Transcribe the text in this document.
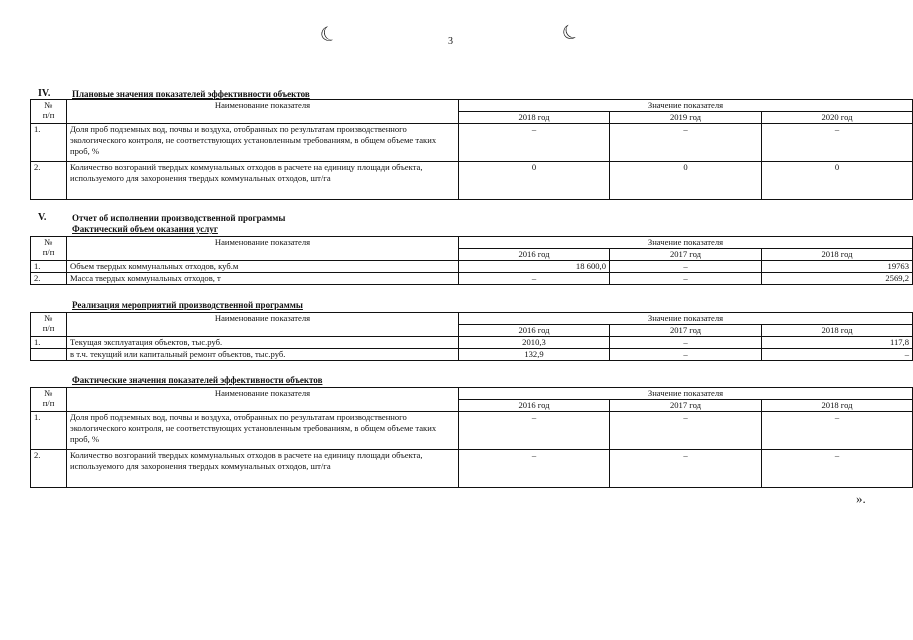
☾	☾
3
IV. Плановые значения показателей эффективности объектов
№
п/п	Наименование показателя	Значение показателя		
		2018 год	2019 год	2020 год
1.	Доля проб подземных вод, почвы и воздуха, отобранных по результатам производственного экологического контроля, не соответствующих установленным требованиям, в общем объеме таких проб, %	–	–	–
2.	Количество возгораний твердых коммунальных отходов в расчете на единицу площади объекта, используемого для захоронения твердых коммунальных отходов, шт/га	0	0	0
V.	Отчет об исполнении производственной программы
Фактический объем оказания услуг
№
п/п	Наименование показателя	Значение показателя		
		2016 год	2017 год	2018 год
1.	Объем твердых коммунальных отходов, куб.м	18 600,0	–	19763
2.	Масса твердых коммунальных отходов, т	–	–	2569,2
Реализация мероприятий производственной программы
№
п/п	Наименование показателя	Значение показателя		
		2016 год	2017 год	2018 год
1.	Текущая эксплуатация объектов, тыс.руб.	2010,3	–	117,8
	в т.ч. текущий или капитальный ремонт объектов, тыс.руб.	132,9	–	–
Фактические значения показателей эффективности объектов
№
п/п	Наименование показателя	Значение показателя		
		2016 год	2017 год	2018 год
1.	Доля проб подземных вод, почвы и воздуха, отобранных по результатам производственного экологического контроля, не соответствующих установленным требованиям, в общем объеме таких проб, %	–	–	–
2.	Количество возгораний твердых коммунальных отходов в расчете на единицу площади объекта, используемого для захоронения твердых коммунальных отходов, шт/га	–	–	–
».
